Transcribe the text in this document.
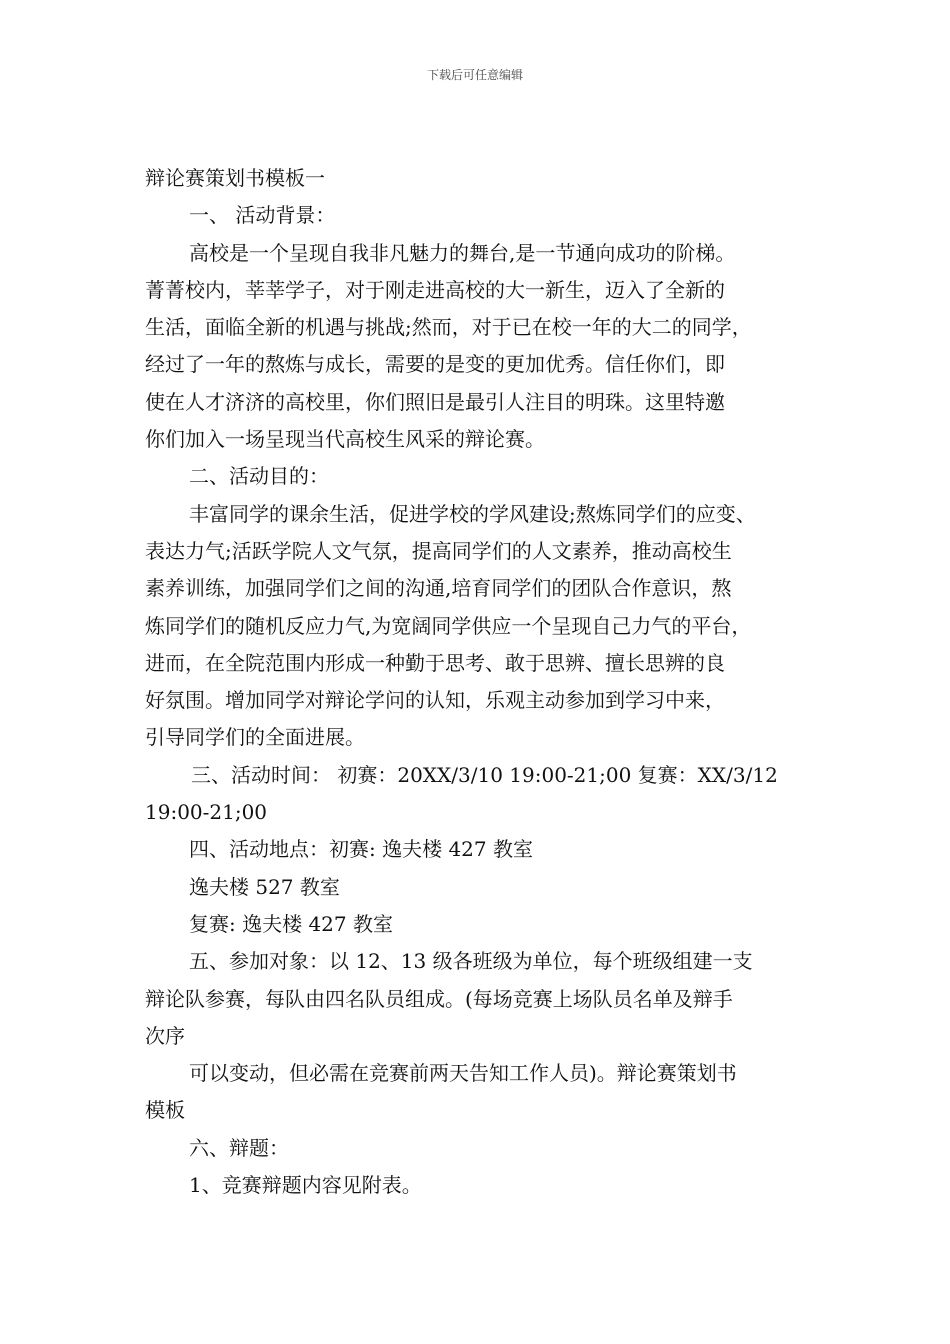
下载后可任意编辑
辩论赛策划书模板一
一、 活动背景：
高校是一个呈现自我非凡魅力的舞台,是一节通向成功的阶梯。
菁菁校内，莘莘学子，对于刚走进高校的大一新生，迈入了全新的
生活，面临全新的机遇与挑战;然而，对于已在校一年的大二的同学，
经过了一年的熬炼与成长，需要的是变的更加优秀。信任你们，即
使在人才济济的高校里，你们照旧是最引人注目的明珠。这里特邀
你们加入一场呈现当代高校生风采的辩论赛。
二、活动目的：
丰富同学的课余生活，促进学校的学风建设;熬炼同学们的应变、
表达力气;活跃学院人文气氛，提高同学们的人文素养，推动高校生
素养训练，加强同学们之间的沟通,培育同学们的团队合作意识，熬
炼同学们的随机反应力气,为宽阔同学供应一个呈现自己力气的平台，
进而，在全院范围内形成一种勤于思考、敢于思辨、擅长思辨的良
好氛围。增加同学对辩论学问的认知，乐观主动参加到学习中来，
引导同学们的全面进展。
三、活动时间： 初赛：20XX/3/10 19:00-21;00 复赛：XX/3/12
19:00-21;00
四、活动地点：初赛: 逸夫楼 427 教室
逸夫楼 527 教室
复赛: 逸夫楼 427 教室
五、参加对象：以 12、13 级各班级为单位，每个班级组建一支
辩论队参赛，每队由四名队员组成。(每场竞赛上场队员名单及辩手
次序
可以变动，但必需在竞赛前两天告知工作人员)。辩论赛策划书
模板
六、辩题：
1、竞赛辩题内容见附表。
